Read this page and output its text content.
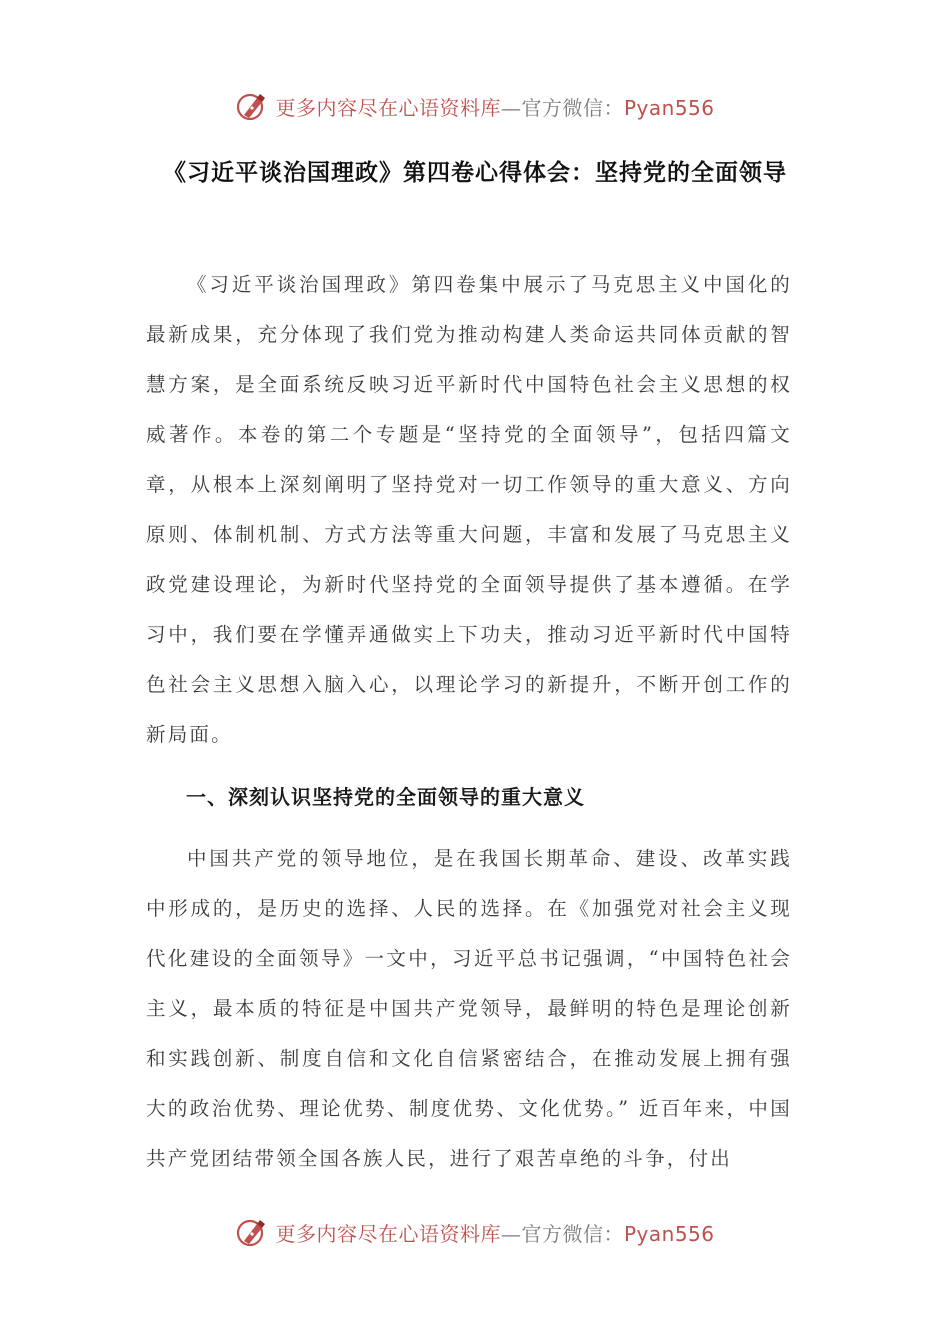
更多内容尽在心语资料库—官方微信：Pyan556
《习近平谈治国理政》第四卷心得体会：坚持党的全面领导

《习近平谈治国理政》第四卷集中展示了马克思主义中国化的最新成果，充分体现了我们党为推动构建人类命运共同体贡献的智慧方案，是全面系统反映习近平新时代中国特色社会主义思想的权威著作。本卷的第二个专题是“坚持党的全面领导”，包括四篇文章，从根本上深刻阐明了坚持党对一切工作领导的重大意义、方向原则、体制机制、方式方法等重大问题，丰富和发展了马克思主义政党建设理论，为新时代坚持党的全面领导提供了基本遵循。在学习中，我们要在学懂弄通做实上下功夫，推动习近平新时代中国特色社会主义思想入脑入心，以理论学习的新提升，不断开创工作的新局面。

一、深刻认识坚持党的全面领导的重大意义

中国共产党的领导地位，是在我国长期革命、建设、改革实践中形成的，是历史的选择、人民的选择。在《加强党对社会主义现代化建设的全面领导》一文中，习近平总书记强调，“中国特色社会主义，最本质的特征是中国共产党领导，最鲜明的特色是理论创新和实践创新、制度自信和文化自信紧密结合，在推动发展上拥有强大的政治优势、理论优势、制度优势、文化优势。” 近百年来，中国共产党团结带领全国各族人民，进行了艰苦卓绝的斗争，付出

更多内容尽在心语资料库—官方微信：Pyan556
